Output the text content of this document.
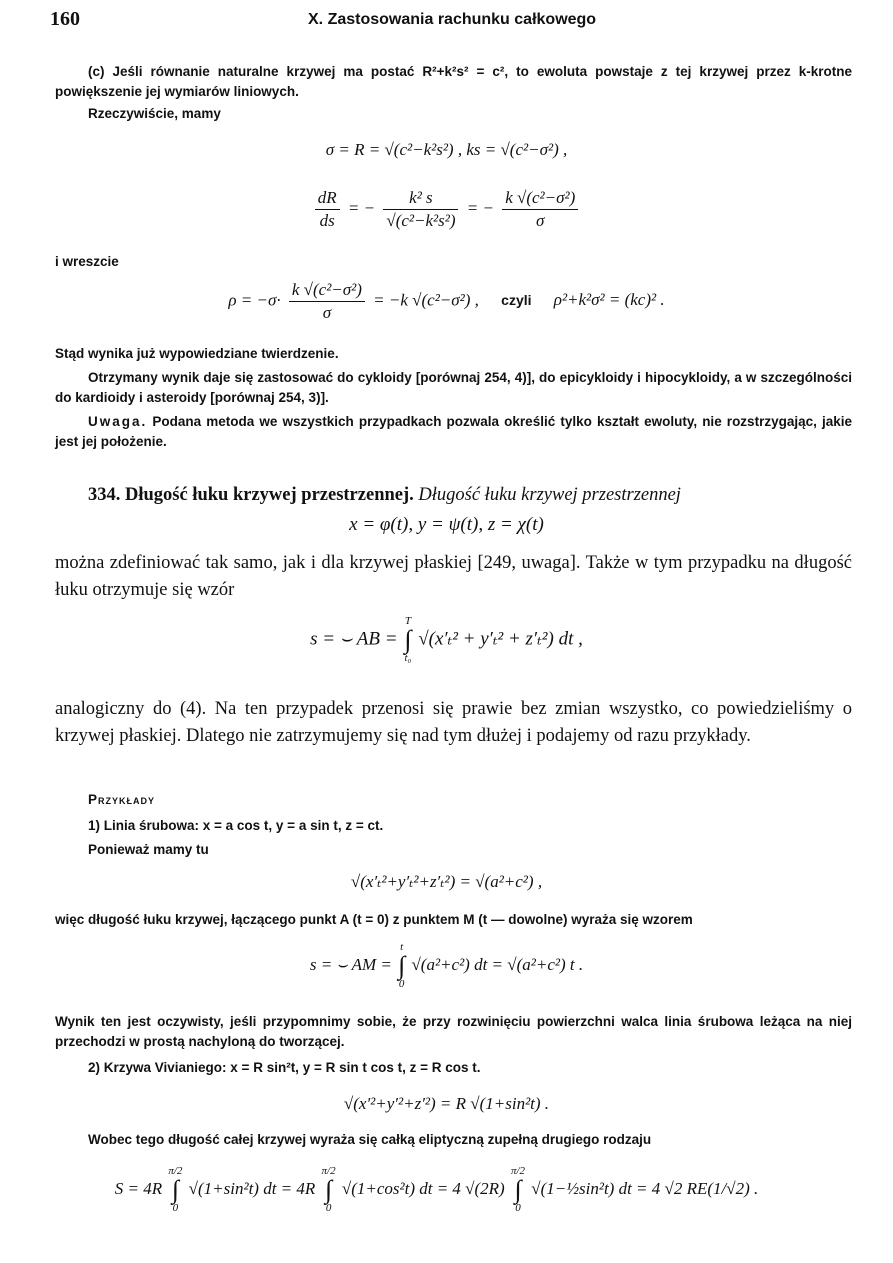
160	X. Zastosowania rachunku całkowego

(c) Jeśli równanie naturalne krzywej ma postać R²+k²s² = c², to ewoluta powstaje z tej krzywej przez k-krotne powiększenie jej wymiarów liniowych.

Rzeczywiście, mamy

σ = R = √(c²−k²s²) , ks = √(c²−σ²) ,
$\frac{dR}{ds}$ = − $\frac{\text{k² s}}{\text{√(c²−k²s²)}}$ = − $\frac{\text{k √(c²−σ²)}}{\sigma}$

i wreszcie

$\rho = -\sigma\cdot \frac{\text{k √(c²−σ²)}}{\sigma} = -k$ √(c²−σ²) , czyli ρ²+k²σ² = (kc)² .

Stąd wynika już wypowiedziane twierdzenie.

Otrzymany wynik daje się zastosować do cykloidy [porównaj 254, 4)], do epicykloidy i hipocykloidy, a w szczególności do kardioidy i asteroidy [porównaj 254, 3)].

Uwaga. Podana metoda we wszystkich przypadkach pozwala określić tylko kształt ewoluty, nie rozstrzygając, jakie jest jej położenie.

334. Długość łuku krzywej przestrzennej. Długość łuku krzywej przestrzennej

x = φ(t), y = ψ(t), z = χ(t)

można zdefiniować tak samo, jak i dla krzywej płaskiej [249, uwaga]. Także w tym przypadku na długość łuku otrzymuje się wzór

s = ⌣ AB =
T
∫
t₀
√(x′ₜ² + y′ₜ² + z′ₜ²) dt ,

analogiczny do (4). Na ten przypadek przenosi się prawie bez zmian wszystko, co powiedzieliśmy o krzywej płaskiej. Dlatego nie zatrzymujemy się nad tym dłużej i podajemy od razu przykłady.

Przykłady

1) Linia śrubowa: x = a cos t, y = a sin t, z = ct.

Ponieważ mamy tu

√(x′ₜ²+y′ₜ²+z′ₜ²) = √(a²+c²) ,

więc długość łuku krzywej, łączącego punkt A (t = 0) z punktem M (t — dowolne) wyraża się wzorem

s = ⌣ AM =
t
∫
0
√(a²+c²) dt = √(a²+c²) t .

Wynik ten jest oczywisty, jeśli przypomnimy sobie, że przy rozwinięciu powierzchni walca linia śrubowa leżąca na niej przechodzi w prostą nachyloną do tworzącej.

2) Krzywa Vivianiego: x = R sin²t, y = R sin t cos t, z = R cos t.

√(x′²+y′²+z′²) = R √(1+sin²t) .

Wobec tego długość całej krzywej wyraża się całką eliptyczną zupełną drugiego rodzaju

S = 4R
π/2
∫
0
√(1+sin²t) dt = 4R
π/2
∫
0
√(1+cos²t) dt = 4 √(2R)
π/2
∫
0
√(1−½sin²t) dt = 4 √2 RE(1/√2) .
